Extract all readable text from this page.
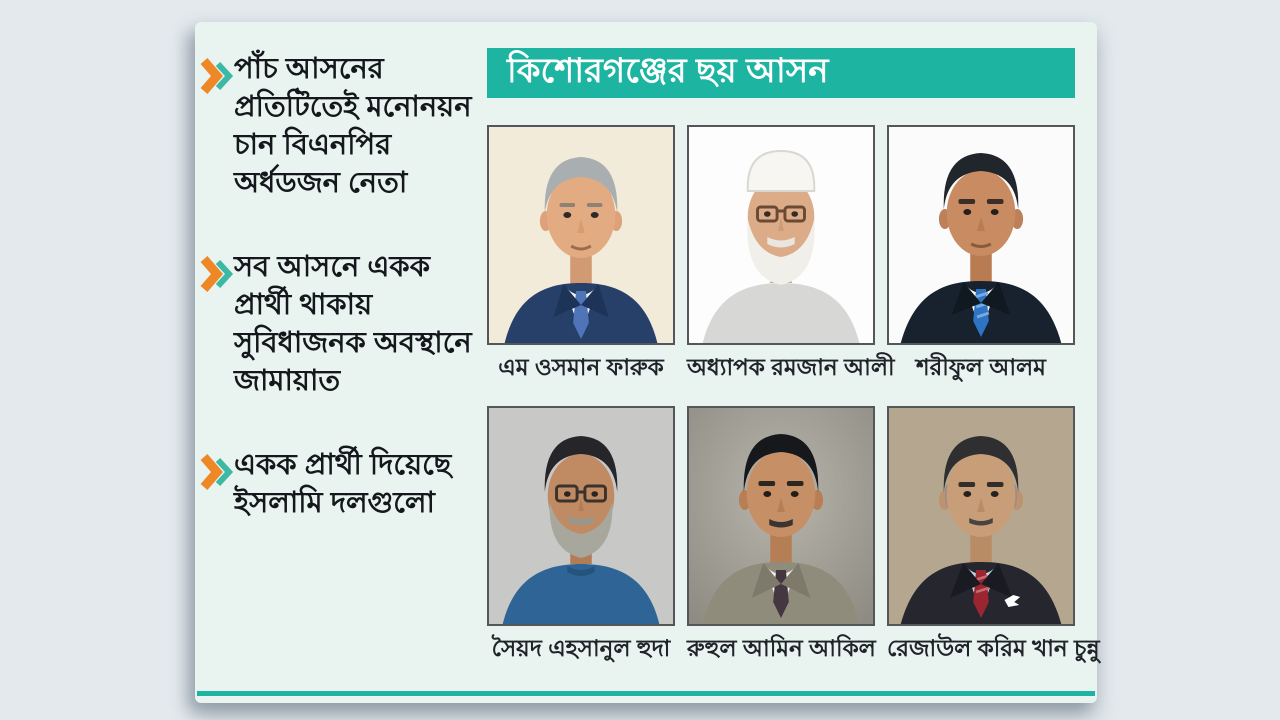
পাঁচ আসনের প্রতিটিতেই মনোনয়ন চান বিএনপির অর্ধডজন নেতা
সব আসনে একক প্রার্থী থাকায় সুবিধাজনক অবস্থানে জামায়াত
একক প্রার্থী দিয়েছে ইসলামি দলগুলো
কিশোরগঞ্জের ছয় আসন
এম ওসমান ফারুক	অধ্যাপক রমজান আলী শরীফুল আলম
সৈয়দ এহসানুল হুদা রুহুল আমিন আকিল রেজাউল করিম খান চুন্নু
